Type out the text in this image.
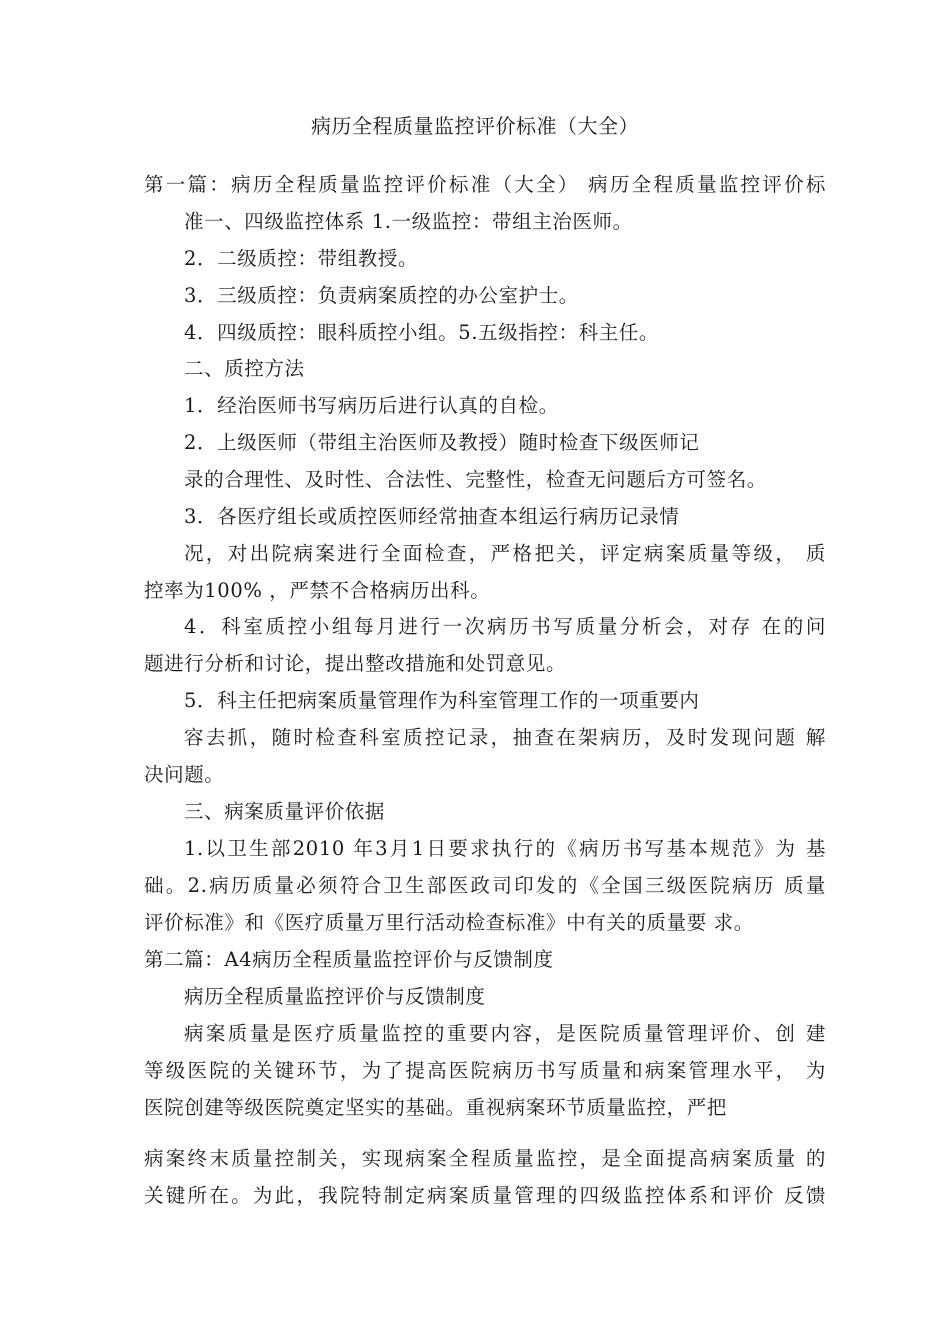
病历全程质量监控评价标准（大全）
第一篇：病历全程质量监控评价标准（大全） 病历全程质量监控评价标
准一、四级监控体系 1.一级监控：带组主治医师。
2．二级质控：带组教授。
3．三级质控：负责病案质控的办公室护士。
4．四级质控：眼科质控小组。5.五级指控：科主任。
二、质控方法
1．经治医师书写病历后进行认真的自检。
2．上级医师（带组主治医师及教授）随时检查下级医师记
录的合理性、及时性、合法性、完整性，检查无问题后方可签名。
3．各医疗组长或质控医师经常抽查本组运行病历记录情
况，对出院病案进行全面检查，严格把关，评定病案质量等级， 质
控率为100% ，严禁不合格病历出科。
4．科室质控小组每月进行一次病历书写质量分析会，对存 在的问
题进行分析和讨论，提出整改措施和处罚意见。
5．科主任把病案质量管理作为科室管理工作的一项重要内
容去抓，随时检查科室质控记录，抽查在架病历，及时发现问题 解
决问题。
三、病案质量评价依据
1.以卫生部2010 年3月1日要求执行的《病历书写基本规范》为 基
础。2.病历质量必须符合卫生部医政司印发的《全国三级医院病历 质量
评价标准》和《医疗质量万里行活动检查标准》中有关的质量要 求。
第二篇：A4病历全程质量监控评价与反馈制度
病历全程质量监控评价与反馈制度
病案质量是医疗质量监控的重要内容，是医院质量管理评价、创 建
等级医院的关键环节，为了提高医院病历书写质量和病案管理水平， 为
医院创建等级医院奠定坚实的基础。重视病案环节质量监控，严把
病案终末质量控制关，实现病案全程质量监控，是全面提高病案质量 的
关键所在。为此，我院特制定病案质量管理的四级监控体系和评价 反馈
